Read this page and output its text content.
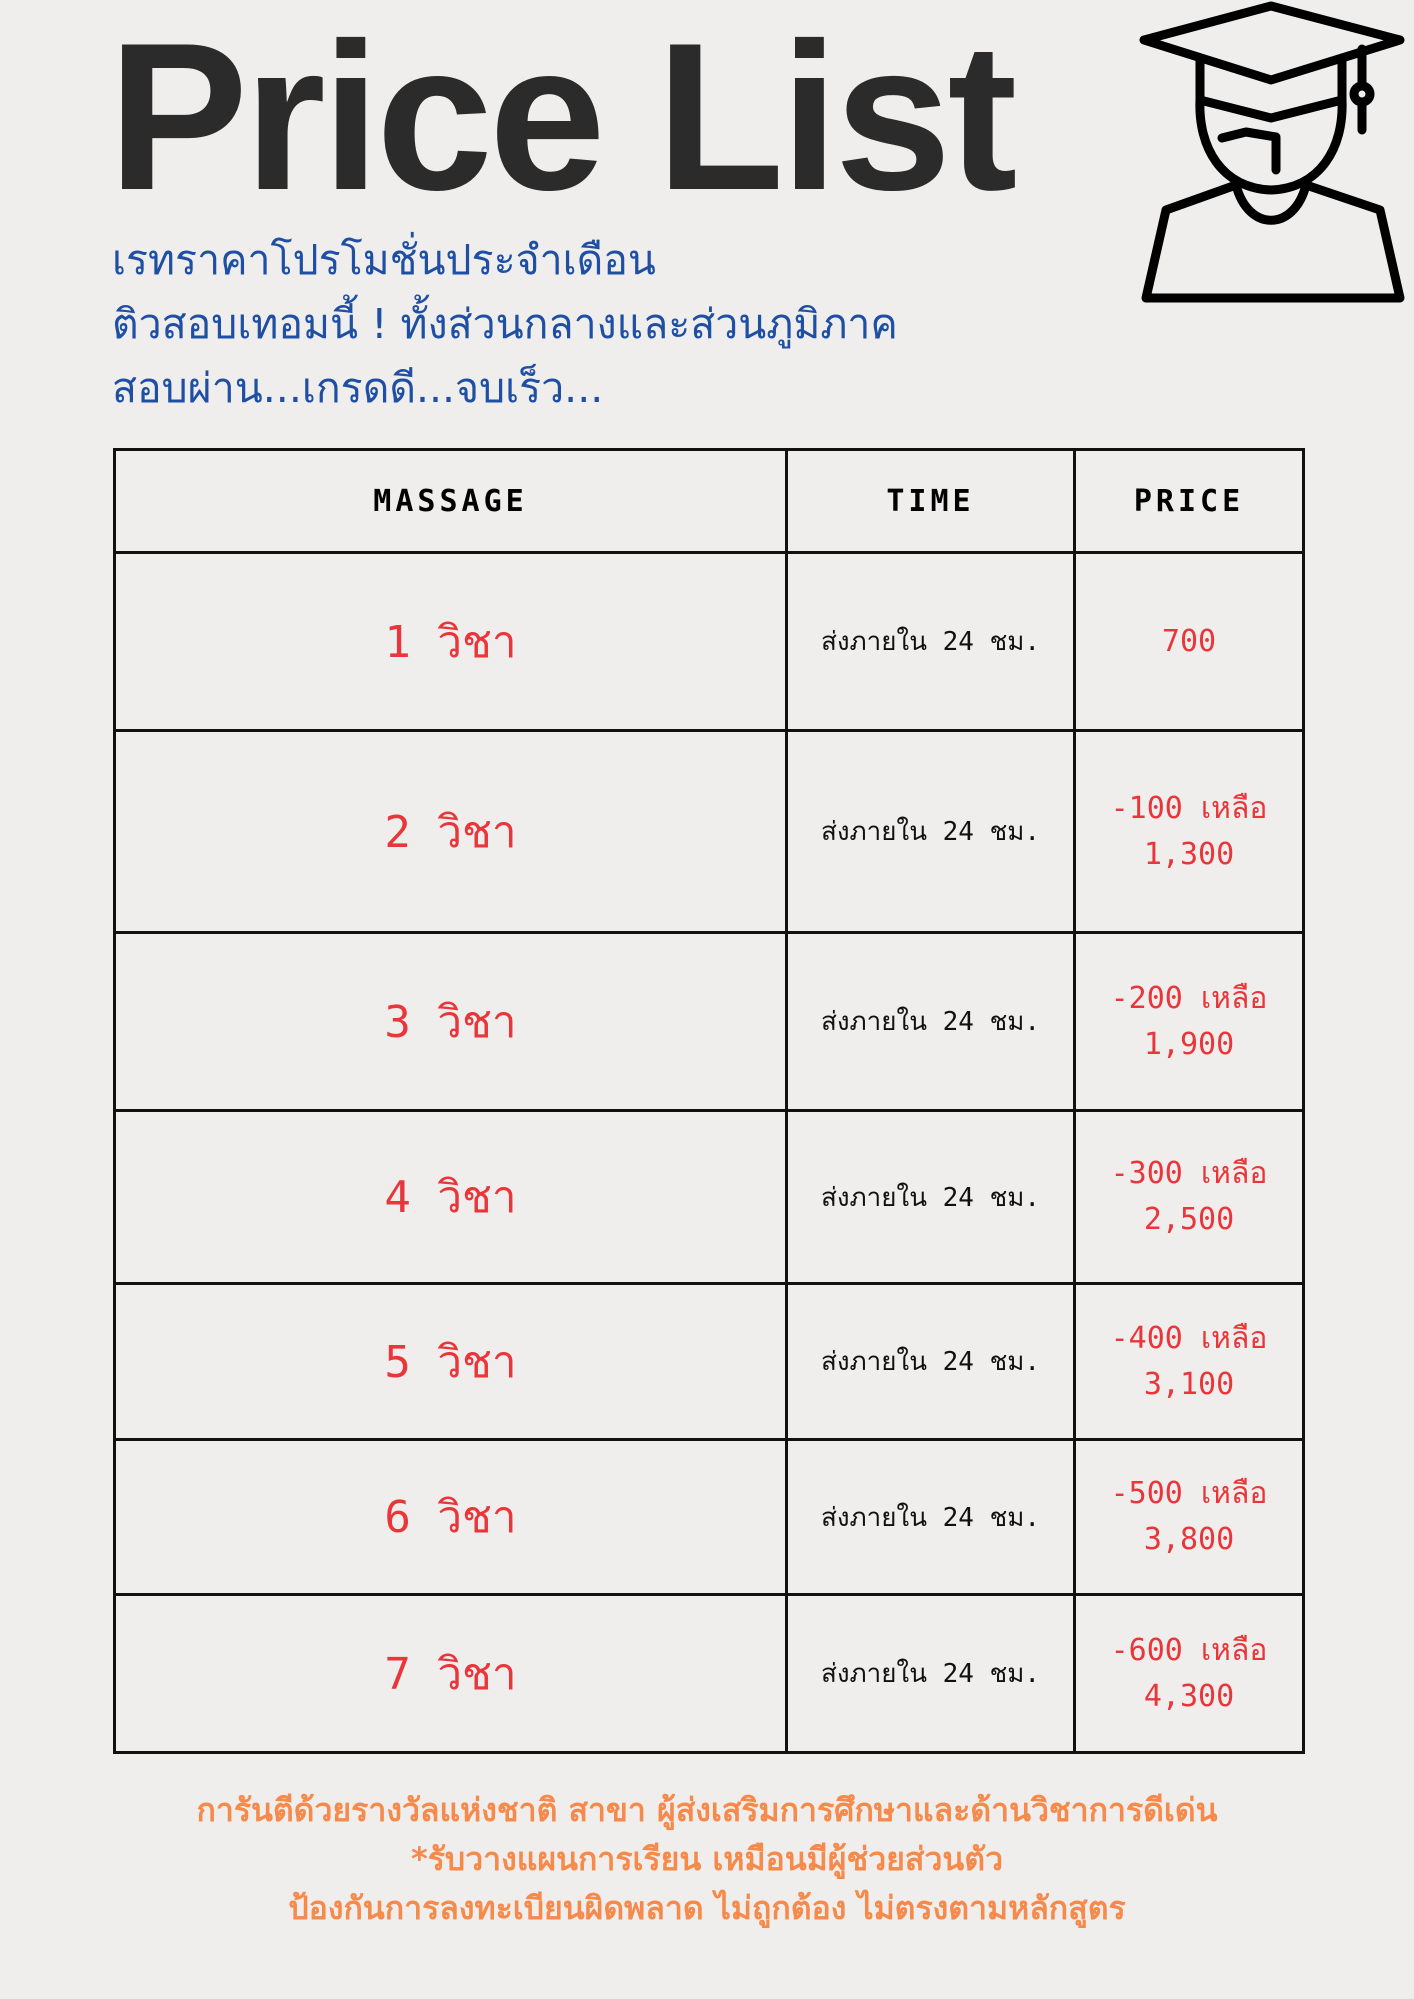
Price List
เรทราคาโปรโมชั่นประจำเดือน
ติวสอบเทอมนี้ ! ทั้งส่วนกลางและส่วนภูมิภาค
สอบผ่าน...เกรดดี...จบเร็ว...
MASSAGE	TIME	PRICE
1 วิชา	ส่งภายใน 24 ชม.	700

2 วิชา	ส่งภายใน 24 ชม.	-100 เหลือ
1,300

3 วิชา	ส่งภายใน 24 ชม.	-200 เหลือ
1,900

4 วิชา	ส่งภายใน 24 ชม.	-300 เหลือ
2,500

5 วิชา	ส่งภายใน 24 ชม.	-400 เหลือ
3,100

6 วิชา	ส่งภายใน 24 ชม.	-500 เหลือ
3,800

7 วิชา	ส่งภายใน 24 ชม.	-600 เหลือ
4,300
การันตีด้วยรางวัลแห่งชาติ สาขา ผู้ส่งเสริมการศึกษาและด้านวิชาการดีเด่น
*รับวางแผนการเรียน เหมือนมีผู้ช่วยส่วนตัว
ป้องกันการลงทะเบียนผิดพลาด ไม่ถูกต้อง ไม่ตรงตามหลักสูตร
